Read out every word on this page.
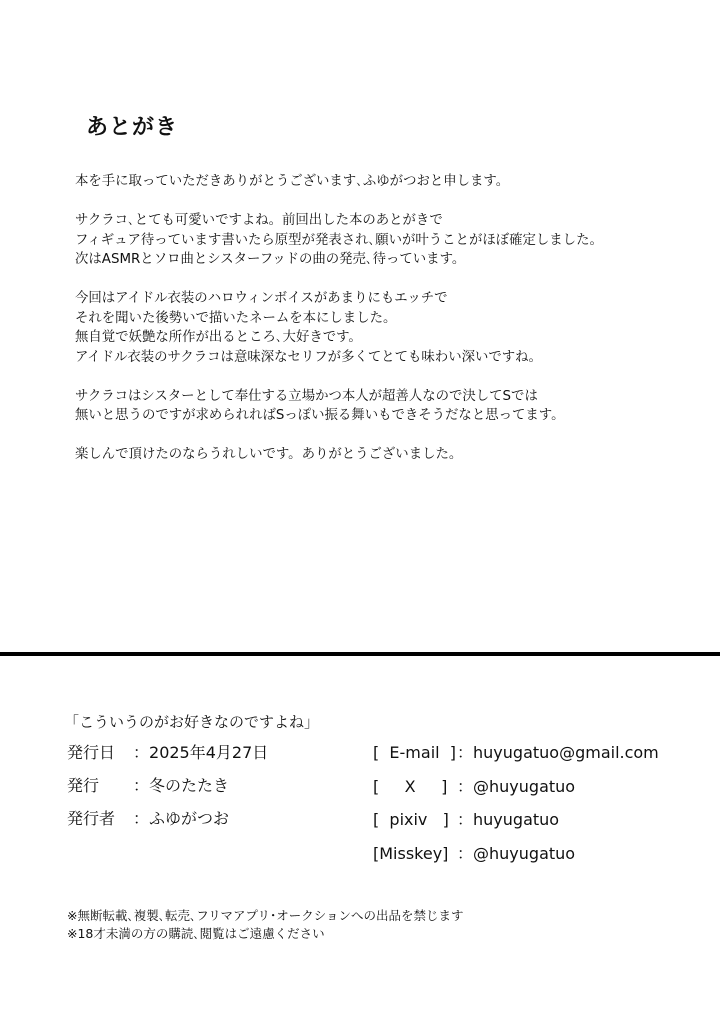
あとがき

本を手に取っていただきありがとうございます､ふゆがつおと申します。

サクラコ､とても可愛いですよね。前回出した本のあとがきで
フィギュア待っています書いたら原型が発表され､願いが叶うことがほぼ確定しました。
次はASMRとソロ曲とシスターフッドの曲の発売､待っています。

今回はアイドル衣装のハロウィンボイスがあまりにもエッチで
それを聞いた後勢いで描いたネームを本にしました。
無自覚で妖艶な所作が出るところ､大好きです。
アイドル衣装のサクラコは意味深なセリフが多くてとても味わい深いですね。

サクラコはシスターとして奉仕する立場かつ本人が超善人なので決してSでは
無いと思うのですが求められればSっぽい振る舞いもできそうだなと思ってます。

楽しんで頂けたのならうれしいです。ありがとうございました。

「こういうのがお好きなのですよね」
発行日 ：2025年4月27日
発行 ：冬のたたき
発行者 ：ふゆがつお
[  E-mail  ] ： huyugatuo@gmail.com
[     X     ] ： @huyugatuo
[  pixiv   ] ： huyugatuo
[Misskey] ： @huyugatuo
※無断転載､複製､転売､フリマアプリ･オークションへの出品を禁じます
※18才未満の方の購読､閲覧はご遠慮ください
